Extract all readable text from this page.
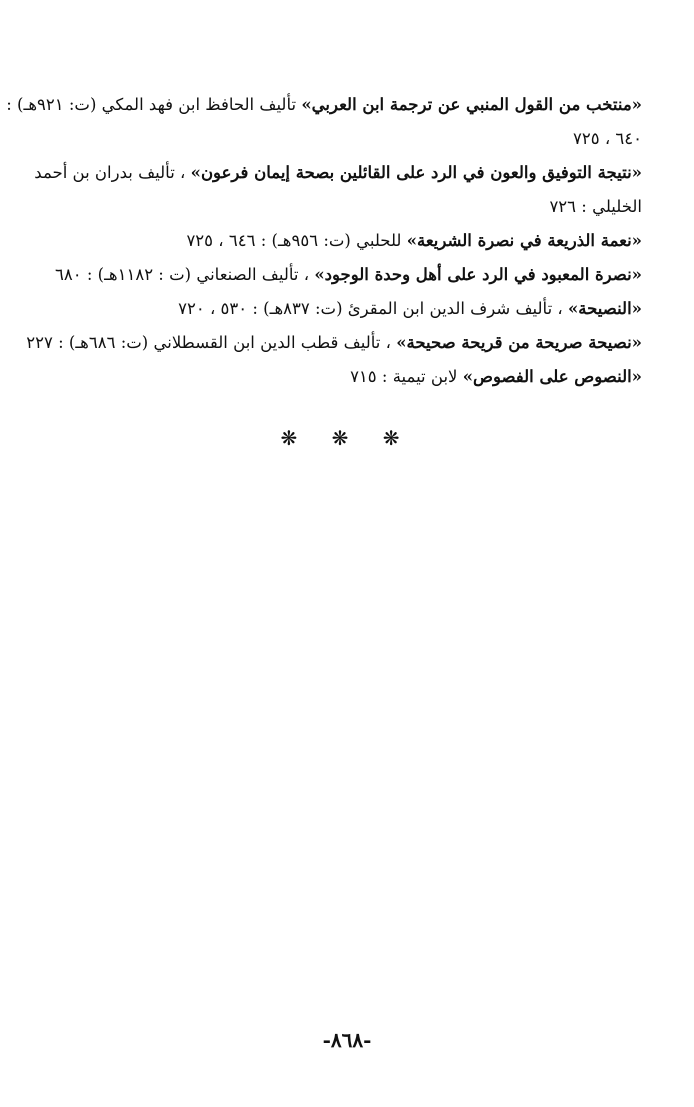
«منتخب من القول المنبي عن ترجمة ابن العربي» تأليف الحافظ ابن فهد المكي (ت: ٩٢١هـ) :
٦٤٠ ، ٧٢٥
«نتيجة التوفيق والعون في الرد على القائلين بصحة إيمان فرعون» ، تأليف بدران بن أحمد
الخليلي : ٧٢٦
«نعمة الذريعة في نصرة الشريعة» للحلبي (ت: ٩٥٦هـ) : ٦٤٦ ، ٧٢٥
«نصرة المعبود في الرد على أهل وحدة الوجود» ، تأليف الصنعاني (ت : ١١٨٢هـ) : ٦٨٠
«النصيحة» ، تأليف شرف الدين ابن المقرئ (ت: ٨٣٧هـ) : ٥٣٠ ، ٧٢٠
«نصيحة صريحة من قريحة صحيحة» ، تأليف قطب الدين ابن القسطلاني (ت: ٦٨٦هـ) : ٢٢٧
«النصوص على الفصوص» لابن تيمية : ٧١٥
❋ ❋ ❋
-٨٦٨-
